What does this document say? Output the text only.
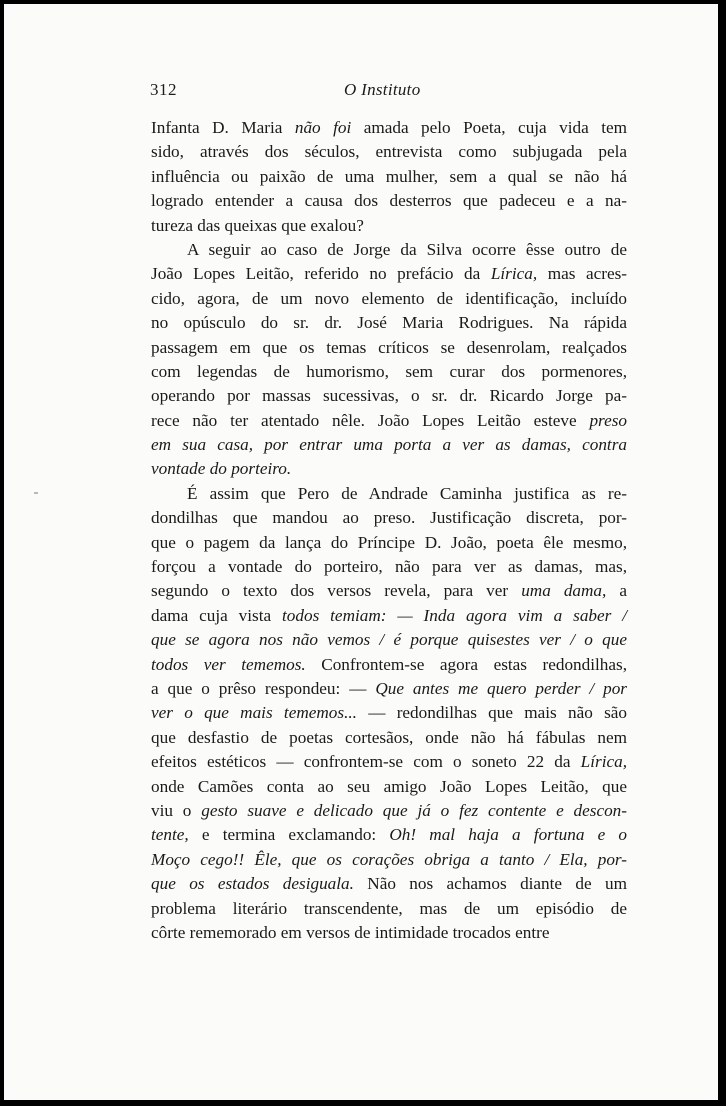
312	O Instituto
Infanta D. Maria não foi amada pelo Poeta, cuja vida tem
sido, através dos séculos, entrevista como subjugada pela
influência ou paixão de uma mulher, sem a qual se não há
logrado entender a causa dos desterros que padeceu e a na-
tureza das queixas que exalou?
A seguir ao caso de Jorge da Silva ocorre êsse outro de
João Lopes Leitão, referido no prefácio da Lírica, mas acres-
cido, agora, de um novo elemento de identificação, incluído
no opúsculo do sr. dr. José Maria Rodrigues. Na rápida
passagem em que os temas críticos se desenrolam, realçados
com legendas de humorismo, sem curar dos pormenores,
operando por massas sucessivas, o sr. dr. Ricardo Jorge pa-
rece não ter atentado nêle. João Lopes Leitão esteve preso
em sua casa, por entrar uma porta a ver as damas, contra
vontade do porteiro.
É assim que Pero de Andrade Caminha justifica as re-
dondilhas que mandou ao preso. Justificação discreta, por-
que o pagem da lança do Príncipe D. João, poeta êle mesmo,
forçou a vontade do porteiro, não para ver as damas, mas,
segundo o texto dos versos revela, para ver uma dama, a
dama cuja vista todos temiam: — Inda agora vim a saber /
que se agora nos não vemos / é porque quisestes ver / o que
todos ver tememos. Confrontem-se agora estas redondilhas,
a que o prêso respondeu: — Que antes me quero perder / por
ver o que mais tememos... — redondilhas que mais não são
que desfastio de poetas cortesãos, onde não há fábulas nem
efeitos estéticos — confrontem-se com o soneto 22 da Lírica,
onde Camões conta ao seu amigo João Lopes Leitão, que
viu o gesto suave e delicado que já o fez contente e descon-
tente, e termina exclamando: Oh! mal haja a fortuna e o
Moço cego!! Êle, que os corações obriga a tanto / Ela, por-
que os estados desiguala. Não nos achamos diante de um
problema literário transcendente, mas de um episódio de
côrte rememorado em versos de intimidade trocados entre
